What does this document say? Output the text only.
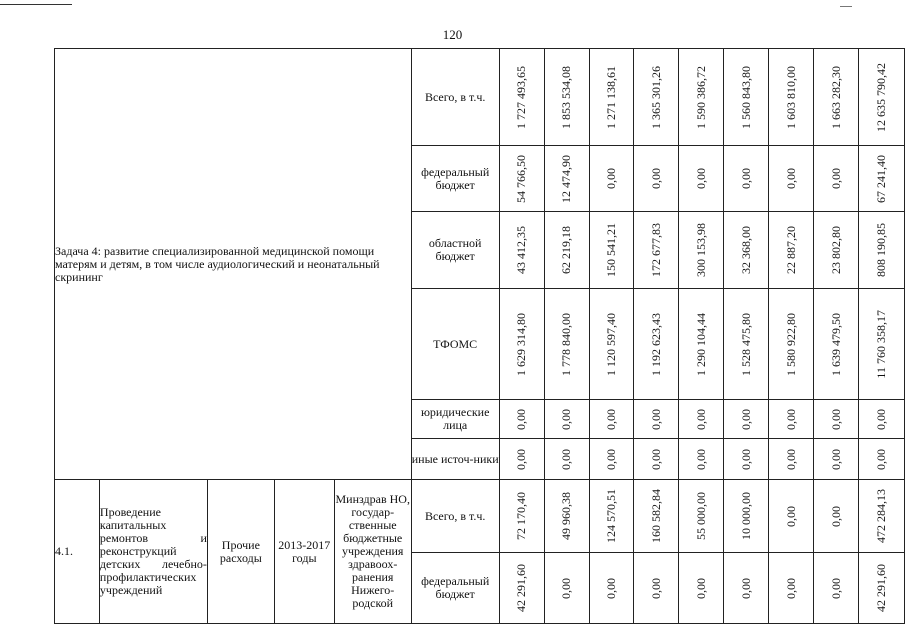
120
Задача 4: развитие специализированной медицинской помощи матерям и детям, в том числе аудиологический и неонатальный скрининг					Всего, в т.ч.	1 727 493,65	1 853 534,08	1 271 138,61	1 365 301,26	1 590 386,72	1 560 843,80	1 603 810,00	1 663 282,30	12 635 790,42

					федеральный бюджет	54 766,50	12 474,90	0,00	0,00	0,00	0,00	0,00	0,00	67 241,40

					областной бюджет	43 412,35	62 219,18	150 541,21	172 677,83	300 153,98	32 368,00	22 887,20	23 802,80	808 190,85

					ТФОМС	1 629 314,80	1 778 840,00	1 120 597,40	1 192 623,43	1 290 104,44	1 528 475,80	1 580 922,80	1 639 479,50	11 760 358,17

					юридические лица	0,00	0,00	0,00	0,00	0,00	0,00	0,00	0,00	0,00

					иные источ-ники	0,00	0,00	0,00	0,00	0,00	0,00	0,00	0,00	0,00

4.1.	Проведение капитальных ремонтов и реконструкций детских лечебно-профилактических учреждений	Прочие расходы	2013-2017 годы	Минздрав НО, государ-ственные бюджетные учреждения здравоох-ранения Нижего-родской	Всего, в т.ч.	72 170,40	49 960,38	124 570,51	160 582,84	55 000,00	10 000,00	0,00	0,00	472 284,13

					федеральный бюджет	42 291,60	0,00	0,00	0,00	0,00	0,00	0,00	0,00	42 291,60
